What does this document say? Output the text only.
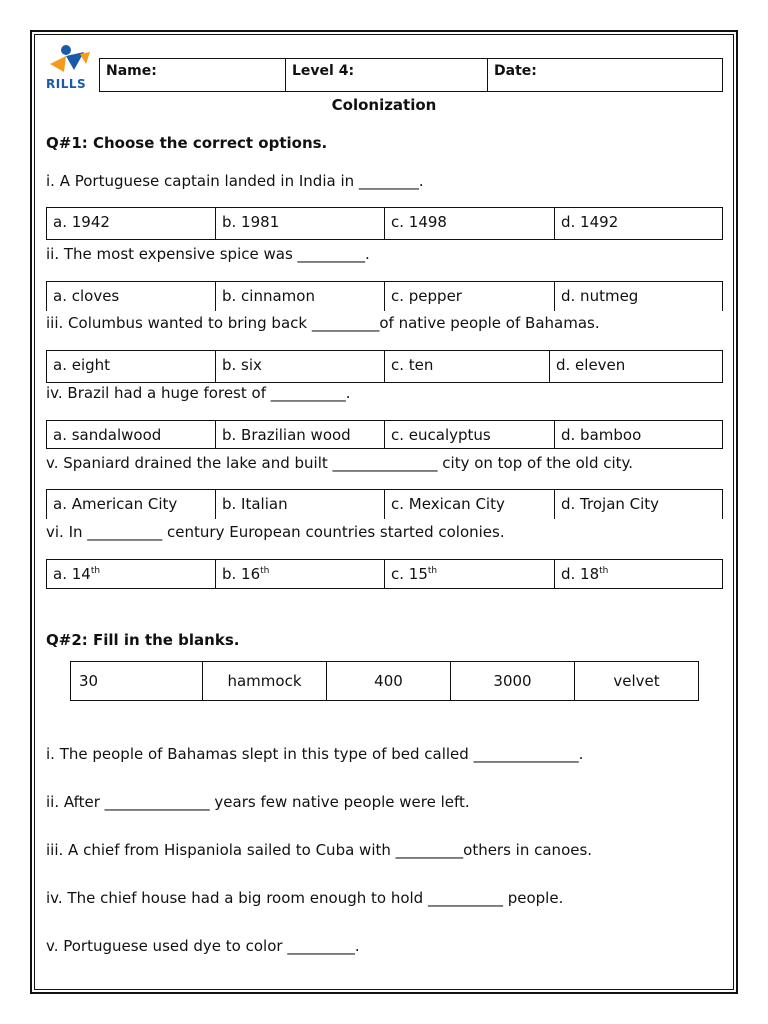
RILLS
Name:	Level 4:	Date:
Colonization
Q#1: Choose the correct options.
i. A Portuguese captain landed in India in ________.
a. 1942	b. 1981	c. 1498	d. 1492
ii. The most expensive spice was _________.
a. cloves	b. cinnamon	c. pepper	d. nutmeg
iii. Columbus wanted to bring back _________of native people of Bahamas.
a. eight	b. six	c. ten	d. eleven
iv. Brazil had a huge forest of __________.
a. sandalwood	b. Brazilian wood	c. eucalyptus	d. bamboo
v. Spaniard drained the lake and built ______________ city on top of the old city.
a. American City	b. Italian	c. Mexican City	d. Trojan City
vi. In __________ century European countries started colonies.
a. 14th	b. 16th	c. 15th	d. 18th
Q#2: Fill in the blanks.
30	hammock	400	3000	velvet
i. The people of Bahamas slept in this type of bed called ______________.
ii. After ______________ years few native people were left.
iii. A chief from Hispaniola sailed to Cuba with _________others in canoes.
iv. The chief house had a big room enough to hold __________ people.
v. Portuguese used dye to color _________.
